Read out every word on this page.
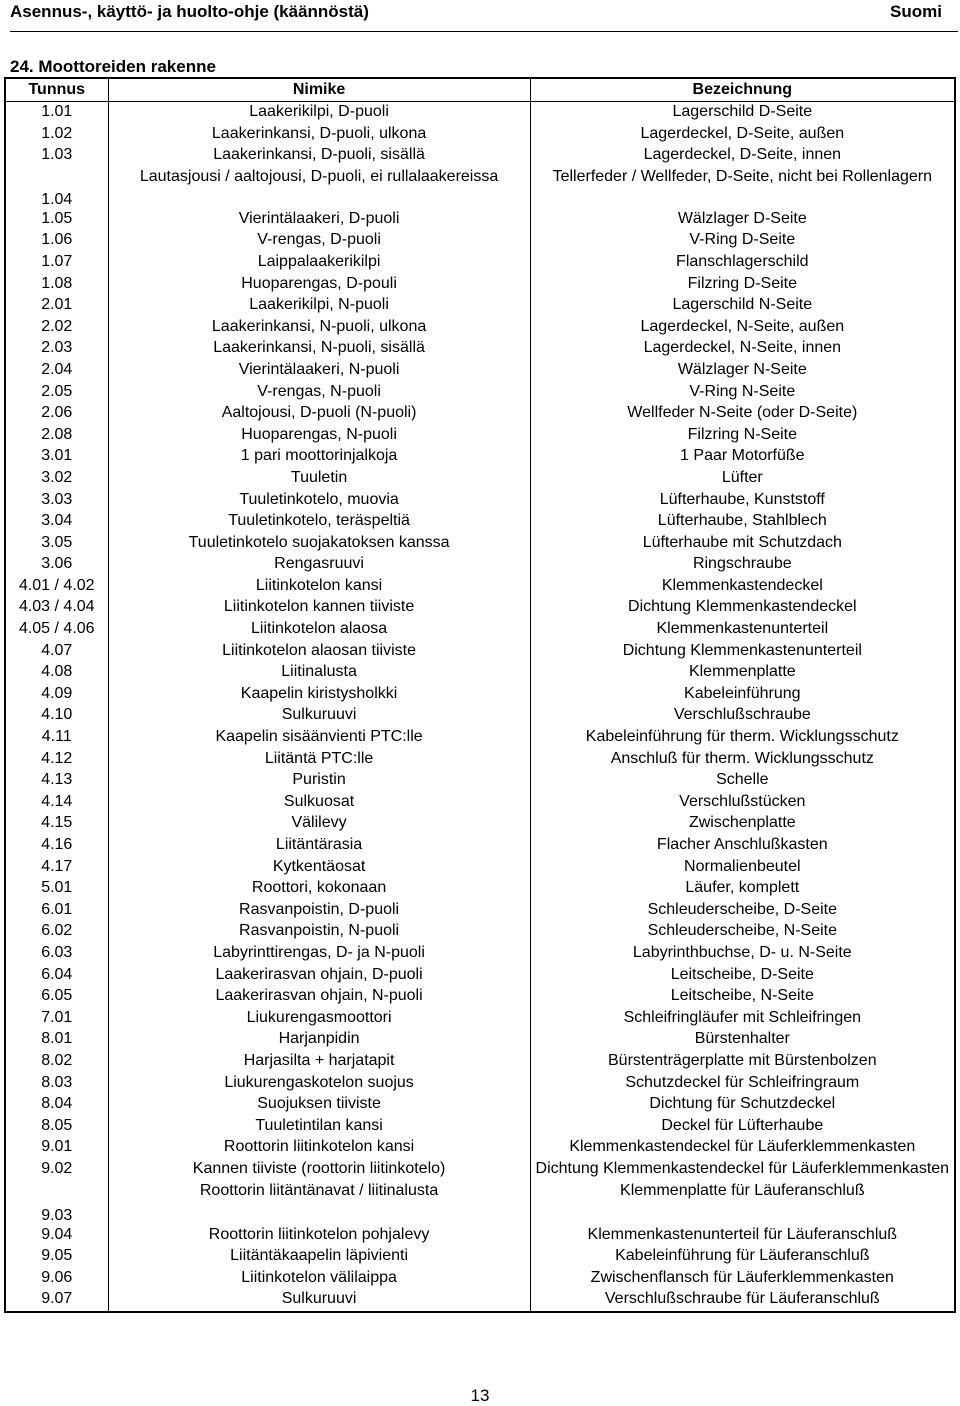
Asennus-, käyttö- ja huolto-ohje (käännöstä)	Suomi
24. Moottoreiden rakenne
Tunnus	Nimike	Bezeichnung
1.01	Laakerikilpi, D-puoli	Lagerschild D-Seite
1.02	Laakerinkansi, D-puoli, ulkona	Lagerdeckel, D-Seite, außen
1.03	Laakerinkansi, D-puoli, sisällä	Lagerdeckel, D-Seite, innen
1.04	Lautasjousi / aaltojousi, D-puoli, ei rullalaakereissa	Tellerfeder / Wellfeder, D-Seite, nicht bei Rollenlagern
1.05	Vierintälaakeri, D-puoli	Wälzlager D-Seite
1.06	V-rengas, D-puoli	V-Ring D-Seite
1.07	Laippalaakerikilpi	Flanschlagerschild
1.08	Huoparengas, D-pouli	Filzring D-Seite
2.01	Laakerikilpi, N-puoli	Lagerschild N-Seite
2.02	Laakerinkansi, N-puoli, ulkona	Lagerdeckel, N-Seite, außen
2.03	Laakerinkansi, N-puoli, sisällä	Lagerdeckel, N-Seite, innen
2.04	Vierintälaakeri, N-puoli	Wälzlager N-Seite
2.05	V-rengas, N-puoli	V-Ring N-Seite
2.06	Aaltojousi, D-puoli (N-puoli)	Wellfeder N-Seite (oder D-Seite)
2.08	Huoparengas, N-puoli	Filzring N-Seite
3.01	1 pari moottorinjalkoja	1 Paar Motorfüße
3.02	Tuuletin	Lüfter
3.03	Tuuletinkotelo, muovia	Lüfterhaube, Kunststoff
3.04	Tuuletinkotelo, teräspeltiä	Lüfterhaube, Stahlblech
3.05	Tuuletinkotelo suojakatoksen kanssa	Lüfterhaube mit Schutzdach
3.06	Rengasruuvi	Ringschraube
4.01 / 4.02	Liitinkotelon kansi	Klemmenkastendeckel
4.03 / 4.04	Liitinkotelon kannen tiiviste	Dichtung Klemmenkastendeckel
4.05 / 4.06	Liitinkotelon alaosa	Klemmenkastenunterteil
4.07	Liitinkotelon alaosan tiiviste	Dichtung Klemmenkastenunterteil
4.08	Liitinalusta	Klemmenplatte
4.09	Kaapelin kiristysholkki	Kabeleinführung
4.10	Sulkuruuvi	Verschlußschraube
4.11	Kaapelin sisäänvienti PTC:lle	Kabeleinführung für therm. Wicklungsschutz
4.12	Liitäntä PTC:lle	Anschluß für therm. Wicklungsschutz
4.13	Puristin	Schelle
4.14	Sulkuosat	Verschlußstücken
4.15	Välilevy	Zwischenplatte
4.16	Liitäntärasia	Flacher Anschlußkasten
4.17	Kytkentäosat	Normalienbeutel
5.01	Roottori, kokonaan	Läufer, komplett
6.01	Rasvanpoistin, D-puoli	Schleuderscheibe, D-Seite
6.02	Rasvanpoistin, N-puoli	Schleuderscheibe, N-Seite
6.03	Labyrinttirengas, D- ja N-puoli	Labyrinthbuchse, D- u. N-Seite
6.04	Laakerirasvan ohjain, D-puoli	Leitscheibe, D-Seite
6.05	Laakerirasvan ohjain, N-puoli	Leitscheibe, N-Seite
7.01	Liukurengasmoottori	Schleifringläufer mit Schleifringen
8.01	Harjanpidin	Bürstenhalter
8.02	Harjasilta + harjatapit	Bürstenträgerplatte mit Bürstenbolzen
8.03	Liukurengaskotelon suojus	Schutzdeckel für Schleifringraum
8.04	Suojuksen tiiviste	Dichtung für Schutzdeckel
8.05	Tuuletintilan kansi	Deckel für Lüfterhaube
9.01	Roottorin liitinkotelon kansi	Klemmenkastendeckel für Läuferklemmenkasten
9.02	Kannen tiiviste (roottorin liitinkotelo)	Dichtung Klemmenkastendeckel für Läuferklemmenkasten
9.03	Roottorin liitäntänavat / liitinalusta	Klemmenplatte für Läuferanschluß
9.04	Roottorin liitinkotelon pohjalevy	Klemmenkastenunterteil für Läuferanschluß
9.05	Liitäntäkaapelin läpivienti	Kabeleinführung für Läuferanschluß
9.06	Liitinkotelon välilaippa	Zwischenflansch für Läuferklemmenkasten
9.07	Sulkuruuvi	Verschlußschraube für Läuferanschluß
13
